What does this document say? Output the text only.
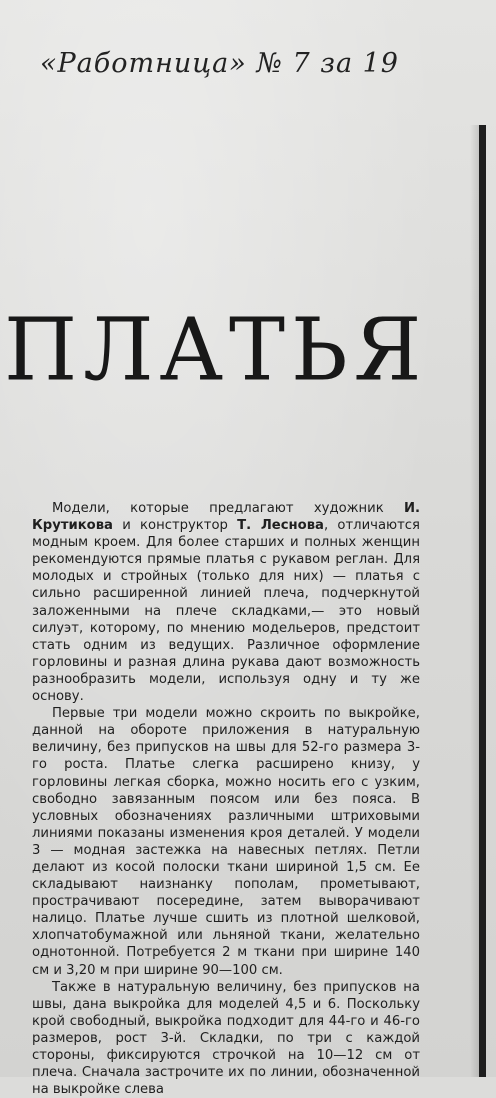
«Работница» № 7 за 19
ПЛАТЬЯ

Модели, которые предлагают художник И. Крутикова и конструктор Т. Леснова, отличаются модным кроем. Для более старших и полных женщин рекомендуются прямые платья с рукавом реглан. Для молодых и стройных (только для них) — платья с сильно расширенной линией плеча, подчеркнутой заложенными на плече складками,— это новый силуэт, которому, по мнению модельеров, предстоит стать одним из ведущих. Различное оформление горловины и разная длина рукава дают возможность разнообразить модели, используя одну и ту же основу.

Первые три модели можно скроить по выкройке, данной на обороте приложения в натуральную величину, без припусков на швы для 52-го размера 3-го роста. Платье слегка расширено книзу, у горловины легкая сборка, можно носить его с узким, свободно завязанным поясом или без пояса. В условных обозначениях различными штриховыми линиями показаны изменения кроя деталей. У модели 3 — модная застежка на навесных петлях. Петли делают из косой полоски ткани шириной 1,5 см. Ее складывают наизнанку пополам, прометывают, прострачивают посередине, затем выворачивают налицо. Платье лучше сшить из плотной шелковой, хлопчатобумажной или льняной ткани, желательно однотонной. Потребуется 2 м ткани при ширине 140 см и 3,20 м при ширине 90—100 см.

Также в натуральную величину, без припусков на швы, дана выкройка для моделей 4,5 и 6. Поскольку крой свободный, выкройка подходит для 44-го и 46-го размеров, рост 3-й. Складки, по три с каждой стороны, фиксируются строчкой на 10—12 см от плеча. Сначала застрочите их по линии, обозначенной на выкройке слева
